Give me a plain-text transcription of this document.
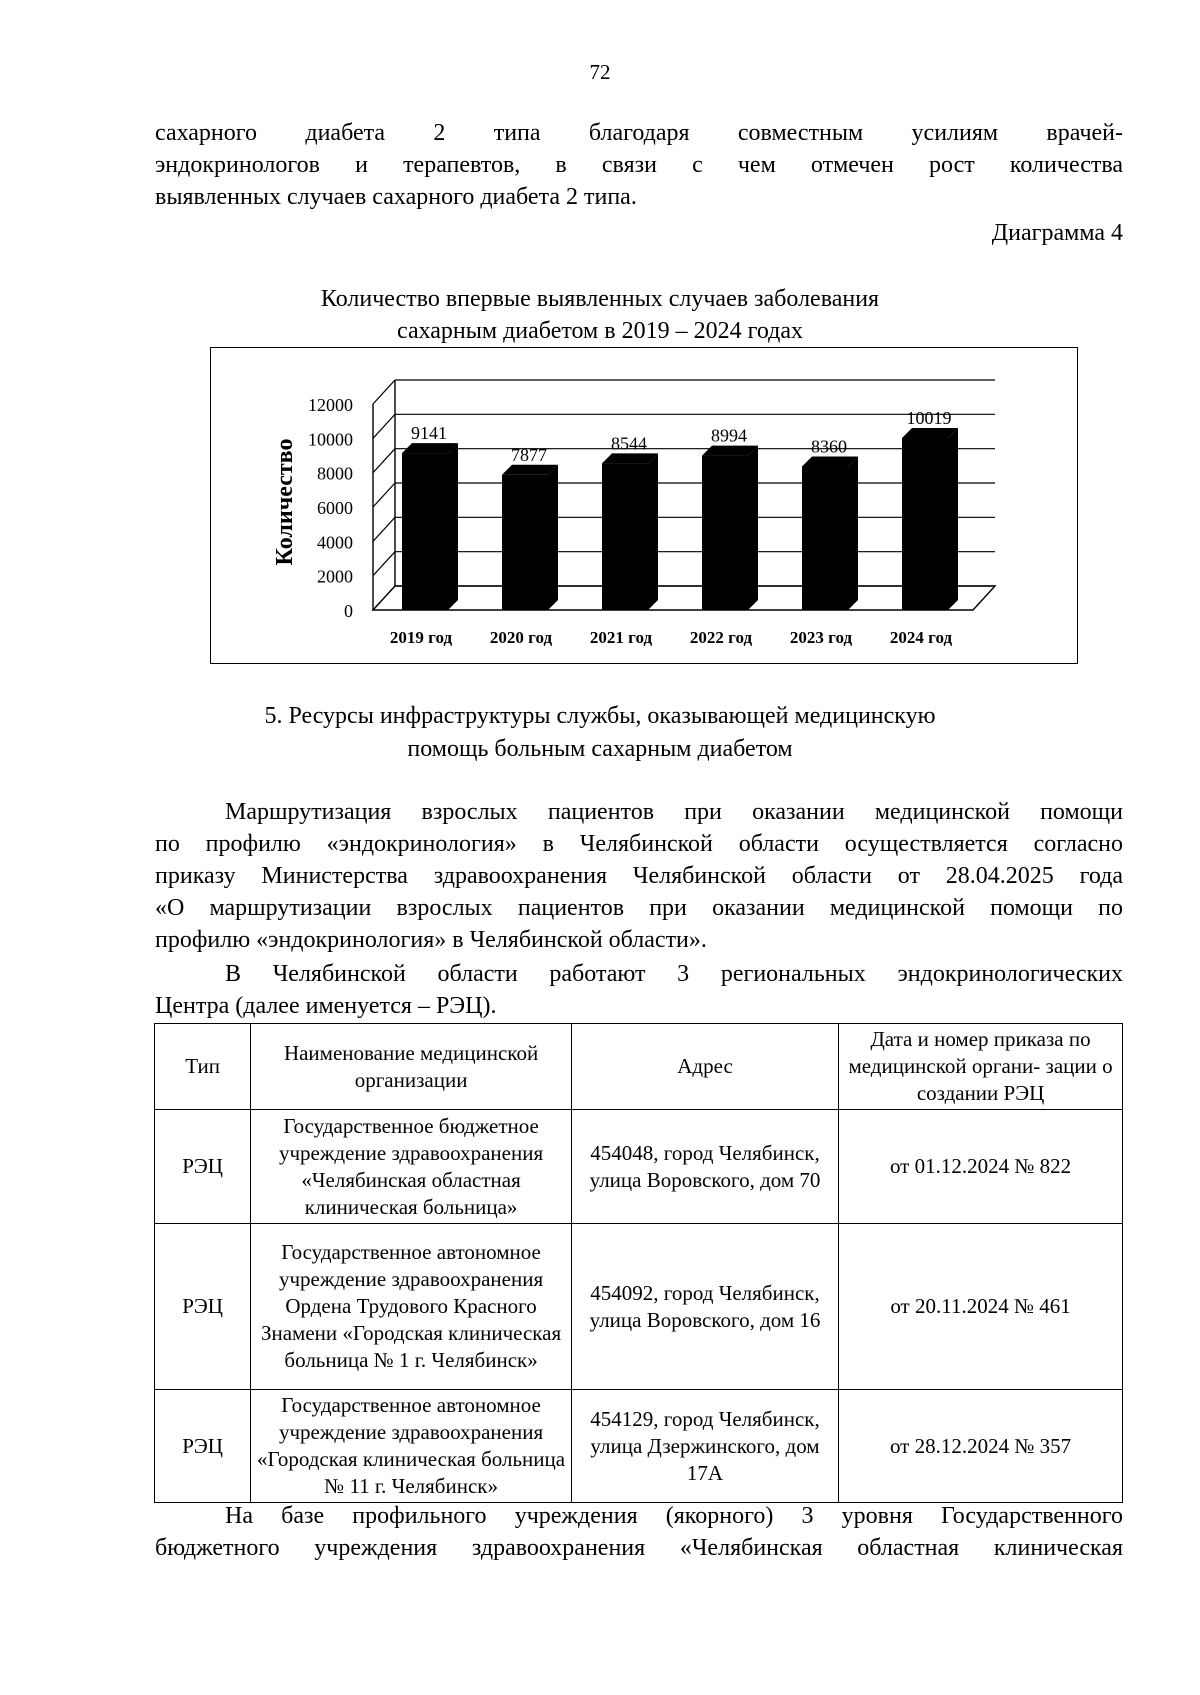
72
сахарного диабета 2 типа благодаря совместным усилиям врачей-
эндокринологов и терапевтов, в связи с чем отмечен рост количества
выявленных случаев сахарного диабета 2 типа.
Диаграмма 4
Количество впервые выявленных случаев заболевания
сахарным диабетом в 2019 – 2024 годах
Количество
0
2000
4000
6000
8000
10000
12000
9141
2019 год
7877
2020 год
8544
2021 год
8994
2022 год
8360
2023 год
10019
2024 год
5. Ресурсы инфраструктуры службы, оказывающей медицинскую
помощь больным сахарным диабетом
Маршрутизация взрослых пациентов при оказании медицинской помощи
по профилю «эндокринология» в Челябинской области осуществляется согласно
приказу Министерства здравоохранения Челябинской области от 28.04.2025 года
«О маршрутизации взрослых пациентов при оказании медицинской помощи по
профилю «эндокринология» в Челябинской области».
В Челябинской области работают 3 региональных эндокринологических
Центра (далее именуется – РЭЦ).
Тип	Наименование медицинской организации	Адрес	Дата и номер приказа по медицинской органи- зации о создании РЭЦ
РЭЦ	Государственное бюджетное учреждение здравоохранения «Челябинская областная клиническая больница»	454048, город Челябинск, улица Воровского, дом 70	от 01.12.2024 № 822
РЭЦ	Государственное автономное учреждение здравоохранения Ордена Трудового Красного Знамени «Городская клиническая больница № 1 г. Челябинск»	454092, город Челябинск, улица Воровского, дом 16	от 20.11.2024 № 461
РЭЦ	Государственное автономное учреждение здравоохранения «Городская клиническая больница № 11 г. Челябинск»	454129, город Челябинск, улица Дзержинского, дом 17А	от 28.12.2024 № 357
На базе профильного учреждения (якорного) 3 уровня Государственного
бюджетного учреждения здравоохранения «Челябинская областная клиническая
